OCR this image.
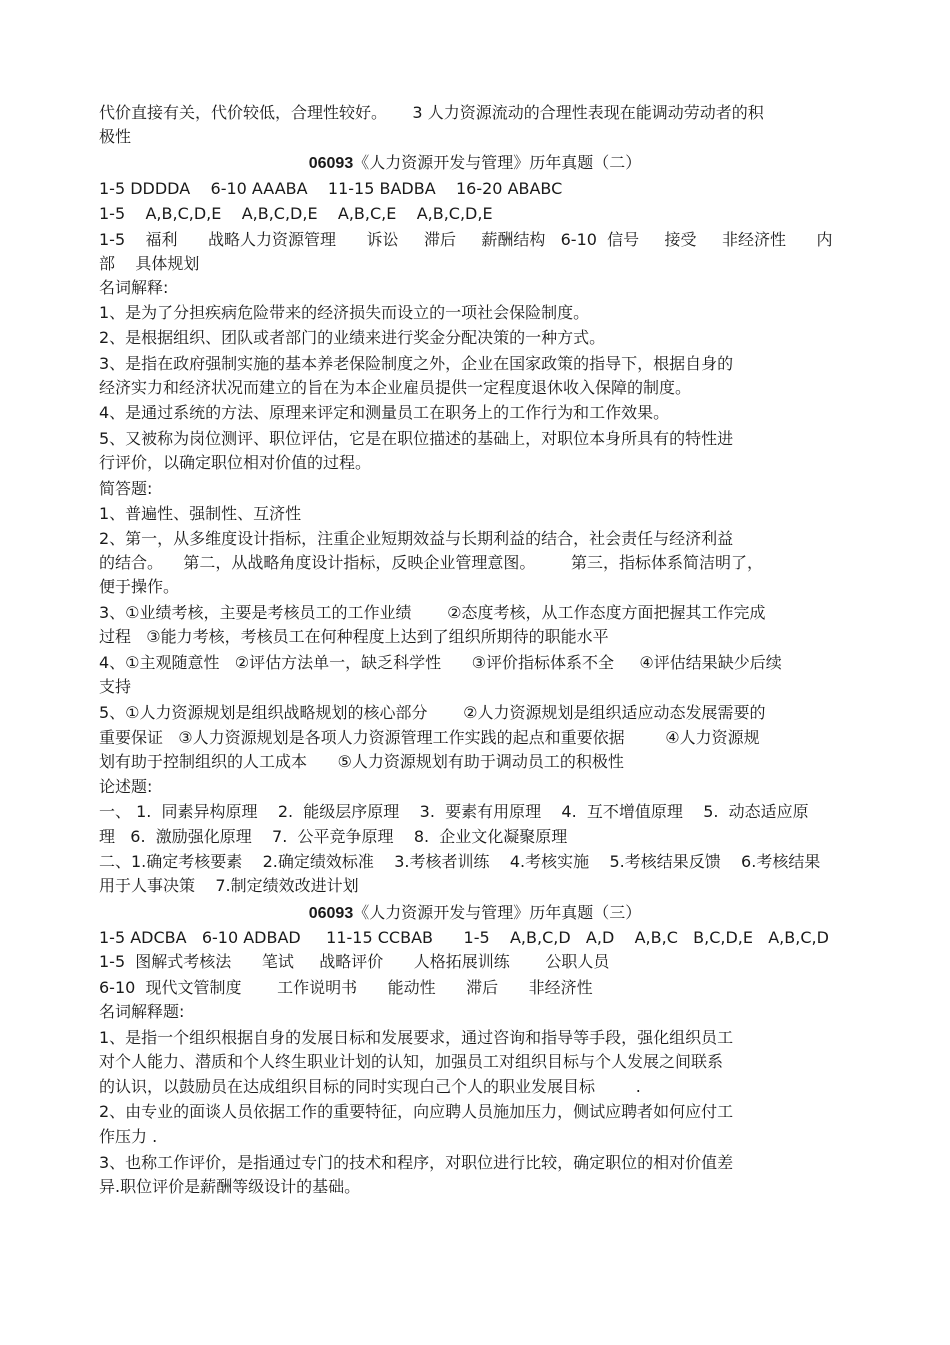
代价直接有关，代价较低，合理性较好。     3 人力资源流动的合理性表现在能调动劳动者的积
极性
06093《人力资源开发与管理》历年真题（二）
1-5 DDDDA    6-10 AAABA    11-15 BADBA    16-20 ABABC
1-5    A,B,C,D,E    A,B,C,D,E    A,B,C,E    A,B,C,D,E
1-5    福利      战略人力资源管理      诉讼     滞后     薪酬结构   6-10  信号     接受     非经济性      内
部    具体规划
名词解释:
1、是为了分担疾病危险带来的经济损失而设立的一项社会保险制度。
2、是根据组织、团队或者部门的业绩来进行奖金分配决策的一种方式。
3、是指在政府强制实施的基本养老保险制度之外，企业在国家政策的指导下，根据自身的
经济实力和经济状况而建立的旨在为本企业雇员提供一定程度退休收入保障的制度。
4、是通过系统的方法、原理来评定和测量员工在职务上的工作行为和工作效果。
5、又被称为岗位测评、职位评估，它是在职位描述的基础上，对职位本身所具有的特性进
行评价，以确定职位相对价值的过程。
简答题:
1、普遍性、强制性、互济性
2、第一，从多维度设计指标，注重企业短期效益与长期利益的结合，社会责任与经济利益
的结合。    第二，从战略角度设计指标，反映企业管理意图。       第三，指标体系简洁明了，
便于操作。
3、①业绩考核，主要是考核员工的工作业绩       ②态度考核，从工作态度方面把握其工作完成
过程   ③能力考核，考核员工在何种程度上达到了组织所期待的职能水平
4、①主观随意性   ②评估方法单一，缺乏科学性      ③评价指标体系不全     ④评估结果缺少后续
支持
5、①人力资源规划是组织战略规划的核心部分       ②人力资源规划是组织适应动态发展需要的
重要保证   ③人力资源规划是各项人力资源管理工作实践的起点和重要依据        ④人力资源规
划有助于控制组织的人工成本      ⑤人力资源规划有助于调动员工的积极性
论述题:
一、 1.  同素异构原理    2.  能级层序原理    3.  要素有用原理    4.  互不增值原理    5.  动态适应原
理   6.  激励强化原理    7.  公平竞争原理    8.  企业文化凝聚原理
二、1.确定考核要素    2.确定绩效标准    3.考核者训练    4.考核实施    5.考核结果反馈    6.考核结果
用于人事决策    7.制定绩效改进计划
06093《人力资源开发与管理》历年真题（三）
1-5 ADCBA   6-10 ADBAD     11-15 CCBAB      1-5    A,B,C,D   A,D    A,B,C   B,C,D,E   A,B,C,D
1-5  图解式考核法      笔试     战略评价      人格拓展训练       公职人员
6-10  现代文管制度       工作说明书      能动性      滞后      非经济性
名词解释题:
1、是指一个组织根据自身的发展日标和发展要求，通过咨询和指导等手段，强化组织员工
对个人能力、潜质和个人终生职业计划的认知，加强员工对组织目标与个人发展之间联系
的认识，以鼓励员在达成组织目标的同时实现白己个人的职业发展目标        .
2、由专业的面谈人员依据工作的重要特征，向应聘人员施加压力，侧试应聘者如何应付工
作压力 .
3、也称工作评价，是指通过专门的技术和程序，对职位进行比较，确定职位的相对价值差
异.职位评价是薪酬等级设计的基础。
